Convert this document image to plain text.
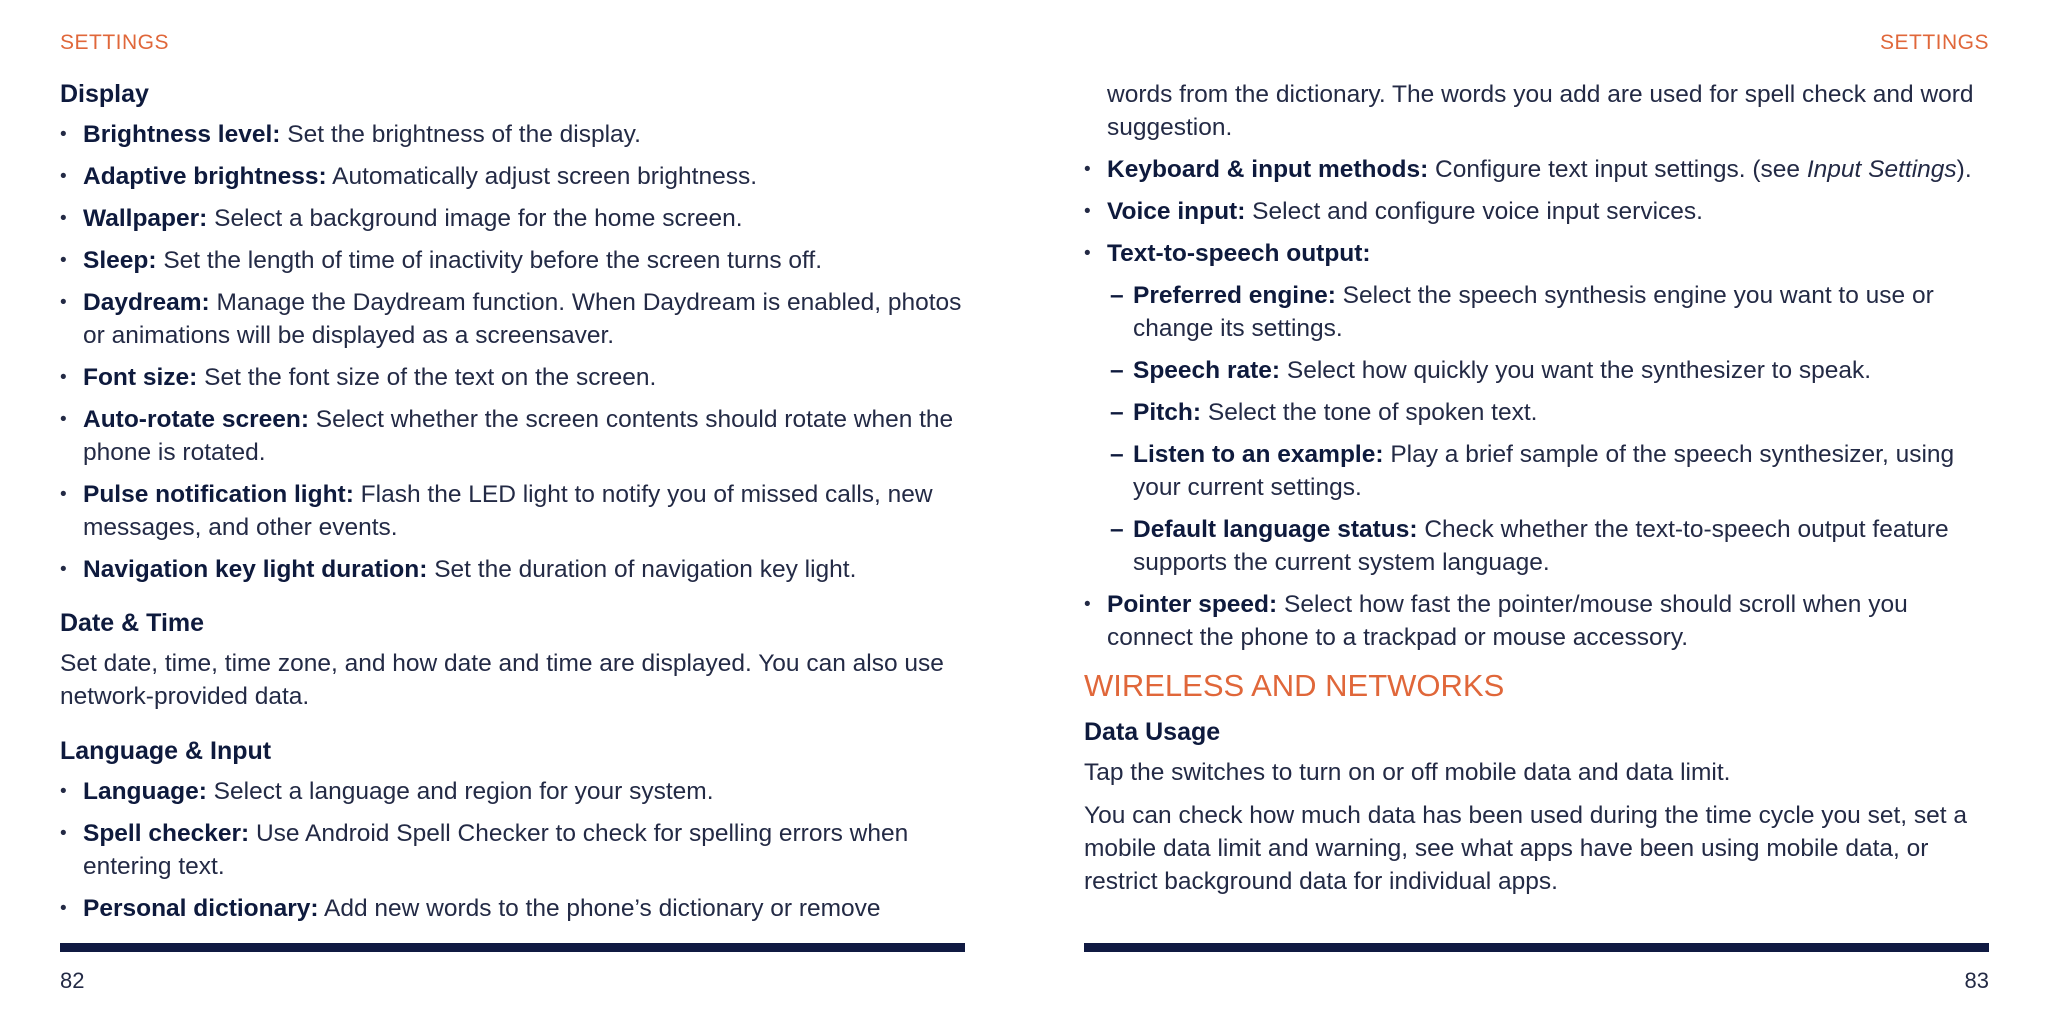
SETTINGS
Display
• Brightness level: Set the brightness of the display.
• Adaptive brightness: Automatically adjust screen brightness.
• Wallpaper: Select a background image for the home screen.
• Sleep: Set the length of time of inactivity before the screen turns off.
• Daydream: Manage the Daydream function. When Daydream is enabled, photos or animations will be displayed as a screensaver.
• Font size: Set the font size of the text on the screen.
• Auto-rotate screen: Select whether the screen contents should rotate when the phone is rotated.
• Pulse notification light: Flash the LED light to notify you of missed calls, new messages, and other events.
• Navigation key light duration: Set the duration of navigation key light.
Date & Time

Set date, time, time zone, and how date and time are displayed. You can also use network-provided data.

Language & Input
• Language: Select a language and region for your system.
• Spell checker: Use Android Spell Checker to check for spelling errors when entering text.
• Personal dictionary: Add new words to the phone’s dictionary or remove
82
SETTINGS
words from the dictionary. The words you add are used for spell check and word suggestion.
• Keyboard & input methods: Configure text input settings. (see Input Settings).
• Voice input: Select and configure voice input services.
• Text-to-speech output:
– Preferred engine: Select the speech synthesis engine you want to use or change its settings.
– Speech rate: Select how quickly you want the synthesizer to speak.
– Pitch: Select the tone of spoken text.
– Listen to an example: Play a brief sample of the speech synthesizer, using your current settings.
– Default language status: Check whether the text-to-speech output feature supports the current system language.
• Pointer speed: Select how fast the pointer/mouse should scroll when you connect the phone to a trackpad or mouse accessory.
WIRELESS AND NETWORKS
Data Usage

Tap the switches to turn on or off mobile data and data limit.

You can check how much data has been used during the time cycle you set, set a mobile data limit and warning, see what apps have been using mobile data, or restrict background data for individual apps.

83
